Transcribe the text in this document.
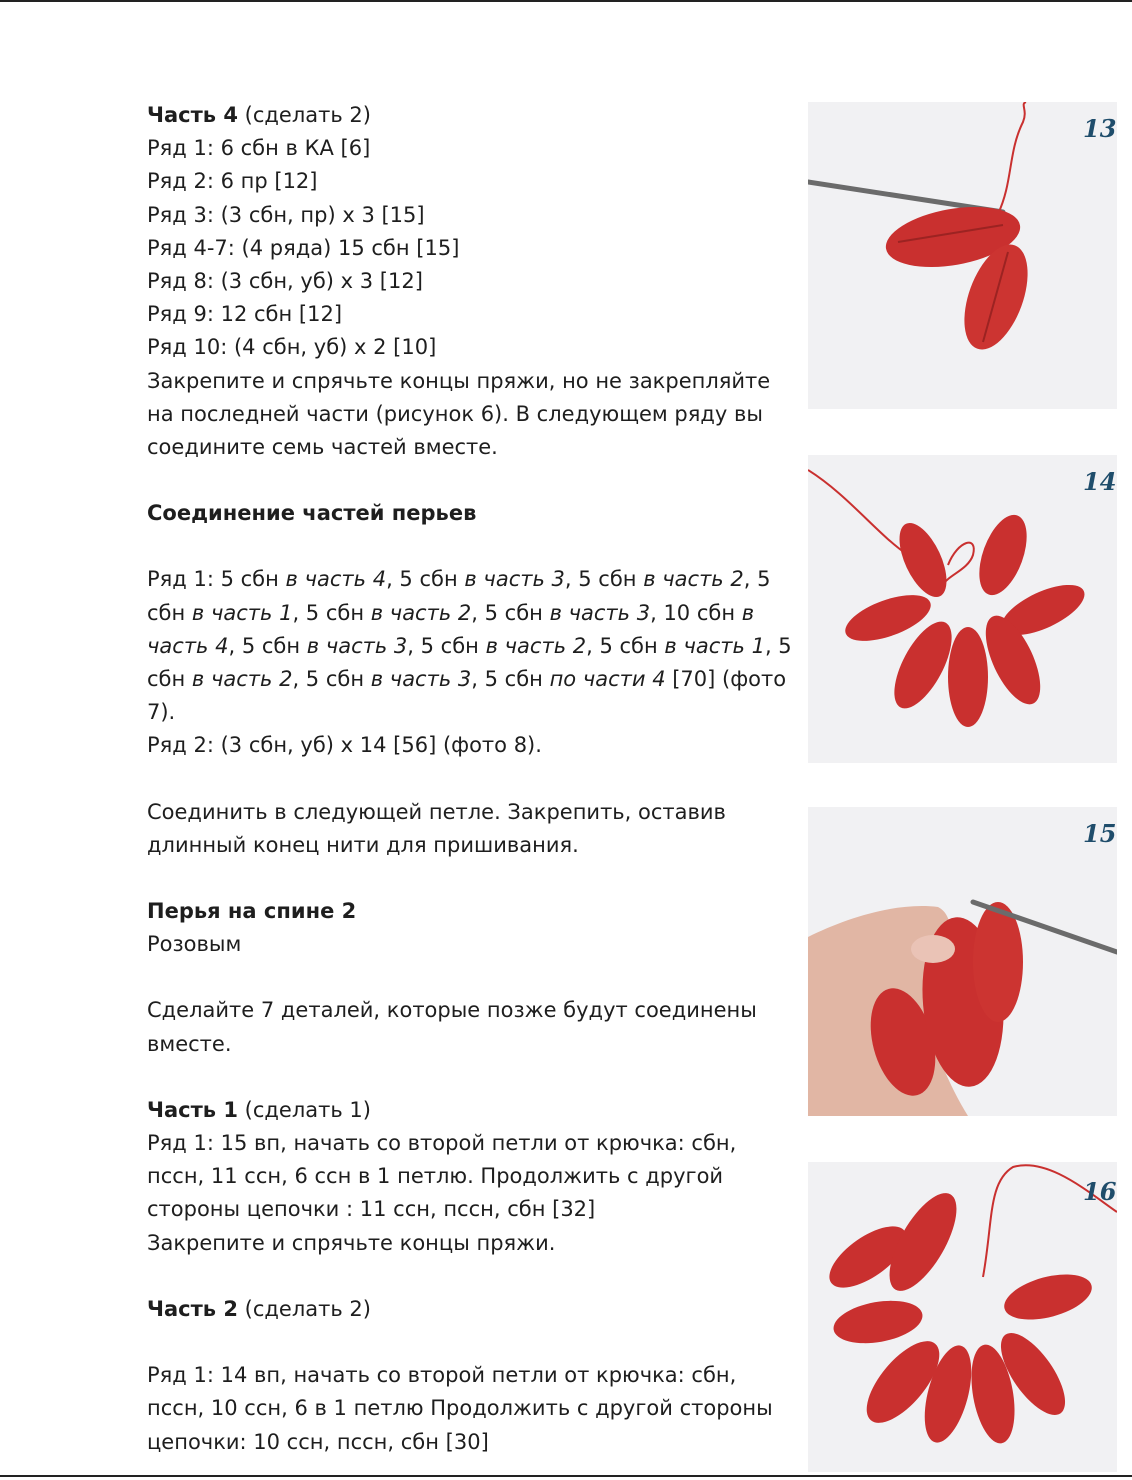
Часть 4 (сделать 2)

Ряд 1: 6 сбн в КА [6]

Ряд 2: 6 пр [12]

Ряд 3: (3 сбн, пр) х 3 [15]

Ряд 4-7: (4 ряда) 15 сбн [15]

Ряд 8: (3 сбн, уб) х 3 [12]

Ряд 9: 12 сбн [12]

Ряд 10: (4 сбн, уб) х 2 [10]

Закрепите и спрячьте концы пряжи, но не закрепляйте на последней части (рисунок 6). В следующем ряду вы соедините семь частей вместе.

Соединение частей перьев

Ряд 1: 5 сбн в часть 4, 5 сбн в часть 3, 5 сбн в часть 2, 5 сбн в часть 1, 5 сбн в часть 2, 5 сбн в часть 3, 10 сбн в часть 4, 5 сбн в часть 3, 5 сбн в часть 2, 5 сбн в часть 1, 5 сбн в часть 2, 5 сбн в часть 3, 5 сбн по части 4 [70] (фото 7).

Ряд 2: (3 сбн, уб) х 14 [56] (фото 8).

Соединить в следующей петле. Закрепить, оставив длинный конец нити для пришивания.

Перья на спине 2

Розовым

Сделайте 7 деталей, которые позже будут соединены вместе.

Часть 1 (сделать 1)

Ряд 1: 15 вп, начать со второй петли от крючка: сбн, пссн, 11 ссн, 6 ссн в 1 петлю. Продолжить с другой стороны цепочки : 11 ссн, пссн, сбн [32]

Закрепите и спрячьте концы пряжи.

Часть 2 (сделать 2)

Ряд 1: 14 вп, начать со второй петли от крючка: сбн, пссн, 10 ссн, 6 в 1 петлю Продолжить с другой стороны цепочки: 10 ссн, пссн, сбн [30]

13
14
15
16
